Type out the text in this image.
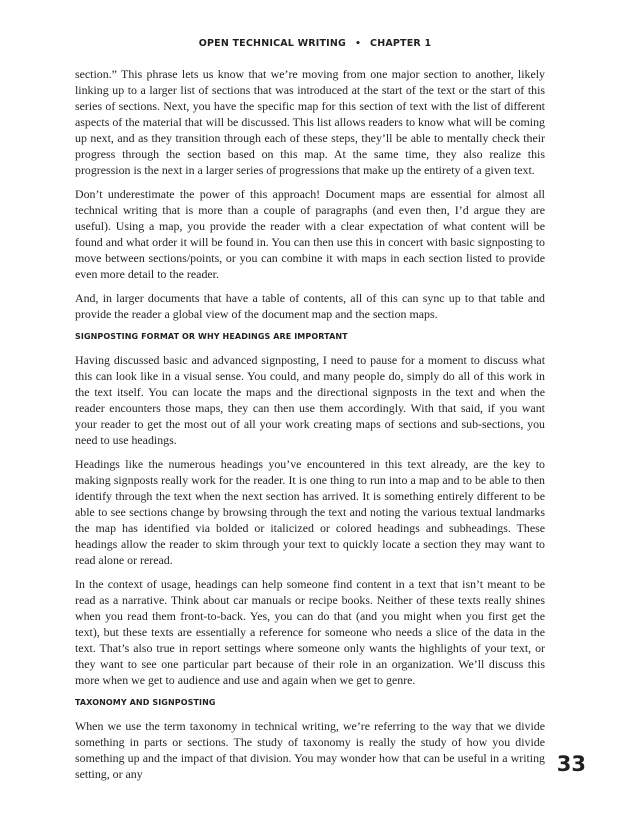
OPEN TECHNICAL WRITING • CHAPTER 1

section.” This phrase lets us know that we’re moving from one major section to another, likely linking up to a larger list of sections that was introduced at the start of the text or the start of this series of sections. Next, you have the specific map for this section of text with the list of different aspects of the material that will be discussed. This list allows readers to know what will be coming up next, and as they transition through each of these steps, they’ll be able to mentally check their progress through the section based on this map. At the same time, they also realize this progression is the next in a larger series of progressions that make up the entirety of a given text.

Don’t underestimate the power of this approach! Document maps are essential for almost all technical writing that is more than a couple of paragraphs (and even then, I’d argue they are useful). Using a map, you provide the reader with a clear expectation of what content will be found and what order it will be found in. You can then use this in concert with basic signposting to move between sections/points, or you can combine it with maps in each section listed to provide even more detail to the reader.

And, in larger documents that have a table of contents, all of this can sync up to that table and provide the reader a global view of the document map and the section maps.

SIGNPOSTING FORMAT OR WHY HEADINGS ARE IMPORTANT

Having discussed basic and advanced signposting, I need to pause for a moment to discuss what this can look like in a visual sense. You could, and many people do, simply do all of this work in the text itself. You can locate the maps and the directional signposts in the text and when the reader encounters those maps, they can then use them accordingly. With that said, if you want your reader to get the most out of all your work creating maps of sections and sub-sections, you need to use headings.

Headings like the numerous headings you’ve encountered in this text already, are the key to making signposts really work for the reader. It is one thing to run into a map and to be able to then identify through the text when the next section has arrived. It is something entirely different to be able to see sections change by browsing through the text and noting the various textual landmarks the map has identified via bolded or italicized or colored headings and subheadings. These headings allow the reader to skim through your text to quickly locate a section they may want to read alone or reread.

In the context of usage, headings can help someone find content in a text that isn’t meant to be read as a narrative. Think about car manuals or recipe books. Neither of these texts really shines when you read them front-to-back. Yes, you can do that (and you might when you first get the text), but these texts are essentially a reference for someone who needs a slice of the data in the text. That’s also true in report settings where someone only wants the highlights of your text, or they want to see one particular part because of their role in an organization. We’ll discuss this more when we get to audience and use and again when we get to genre.

TAXONOMY AND SIGNPOSTING

When we use the term taxonomy in technical writing, we’re referring to the way that we divide something in parts or sections. The study of taxonomy is really the study of how you divide something up and the impact of that division. You may wonder how that can be useful in a writing setting, or any	33
